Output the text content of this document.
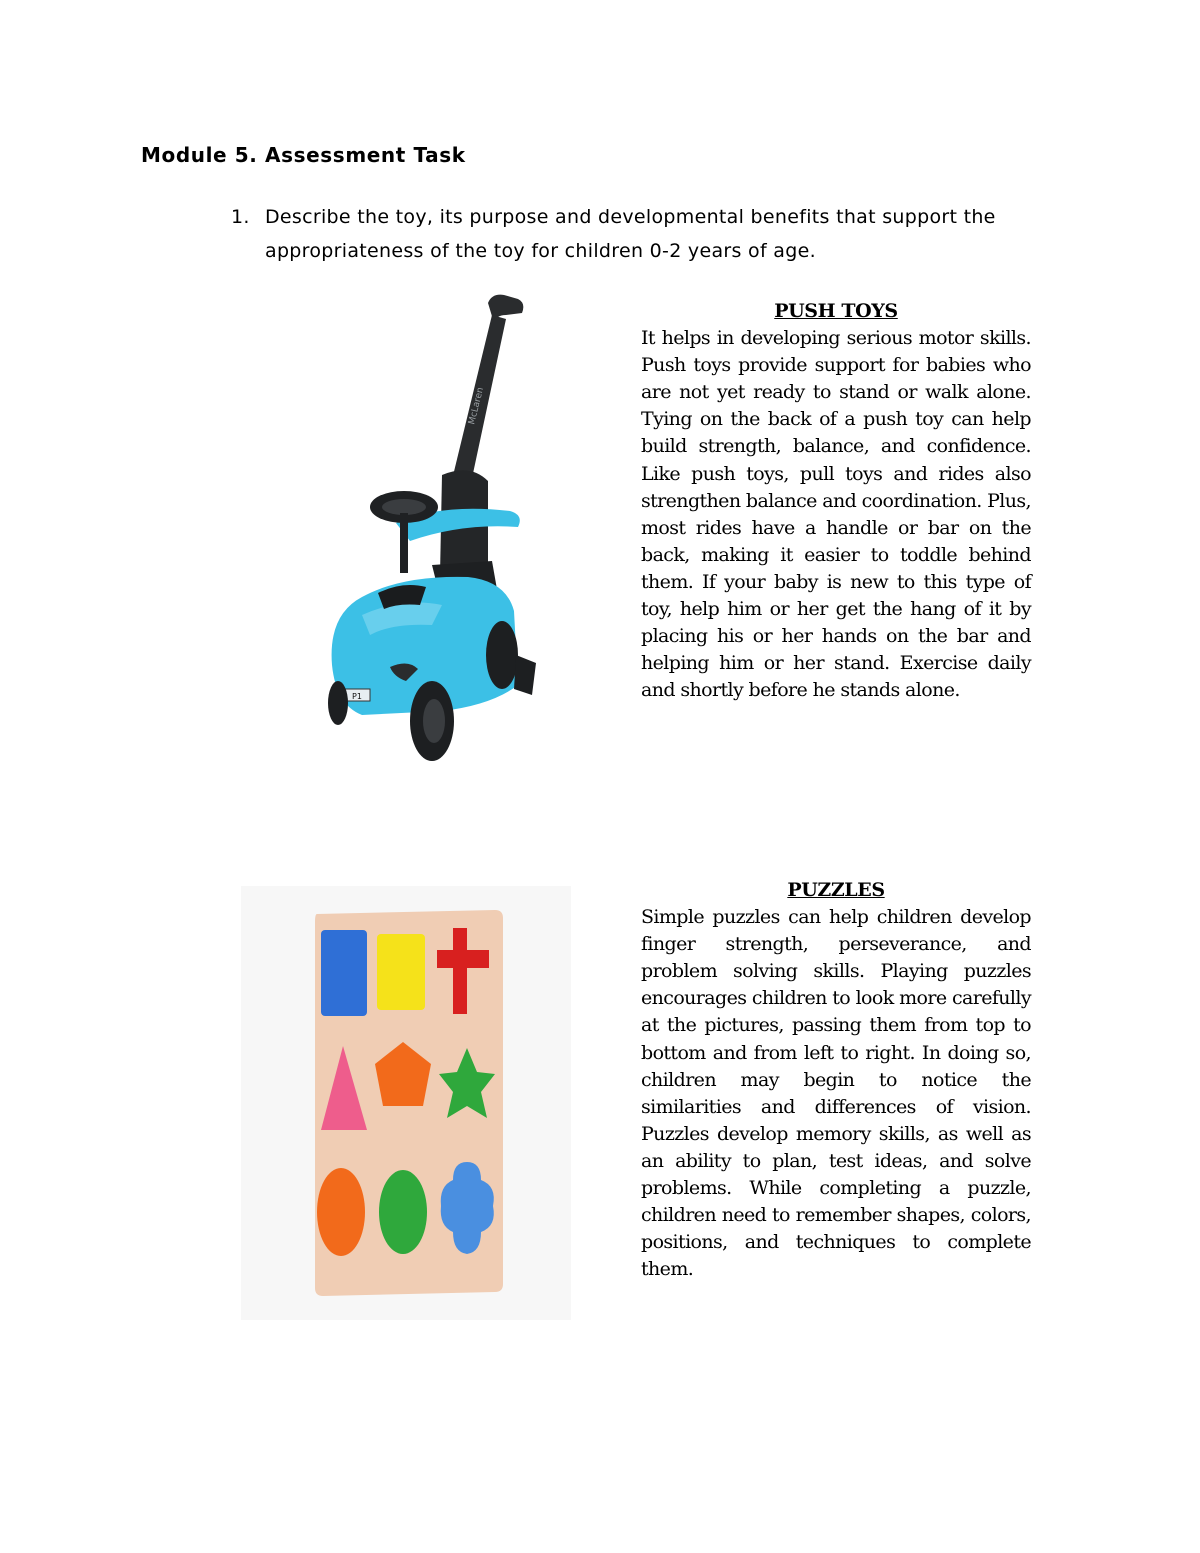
Module 5. Assessment Task
1. Describe the toy, its purpose and developmental benefits that support the appropriateness of the toy for children 0-2 years of age.
McLaren
P1

PUSH TOYS

It helps in developing serious motor skills. Push toys provide support for babies who are not yet ready to stand or walk alone. Tying on the back of a push toy can help build strength, balance, and confidence. Like push toys, pull toys and rides also strengthen balance and coordination. Plus, most rides have a handle or bar on the back, making it easier to toddle behind them. If your baby is new to this type of toy, help him or her get the hang of it by placing his or her hands on the bar and helping him or her stand. Exercise daily and shortly before he stands alone.

PUZZLES

Simple puzzles can help children develop finger strength, perseverance, and problem solving skills. Playing puzzles encourages children to look more carefully at the pictures, passing them from top to bottom and from left to right. In doing so, children may begin to notice the similarities and differences of vision. Puzzles develop memory skills, as well as an ability to plan, test ideas, and solve problems. While completing a puzzle, children need to remember shapes, colors, positions, and techniques to complete them.
